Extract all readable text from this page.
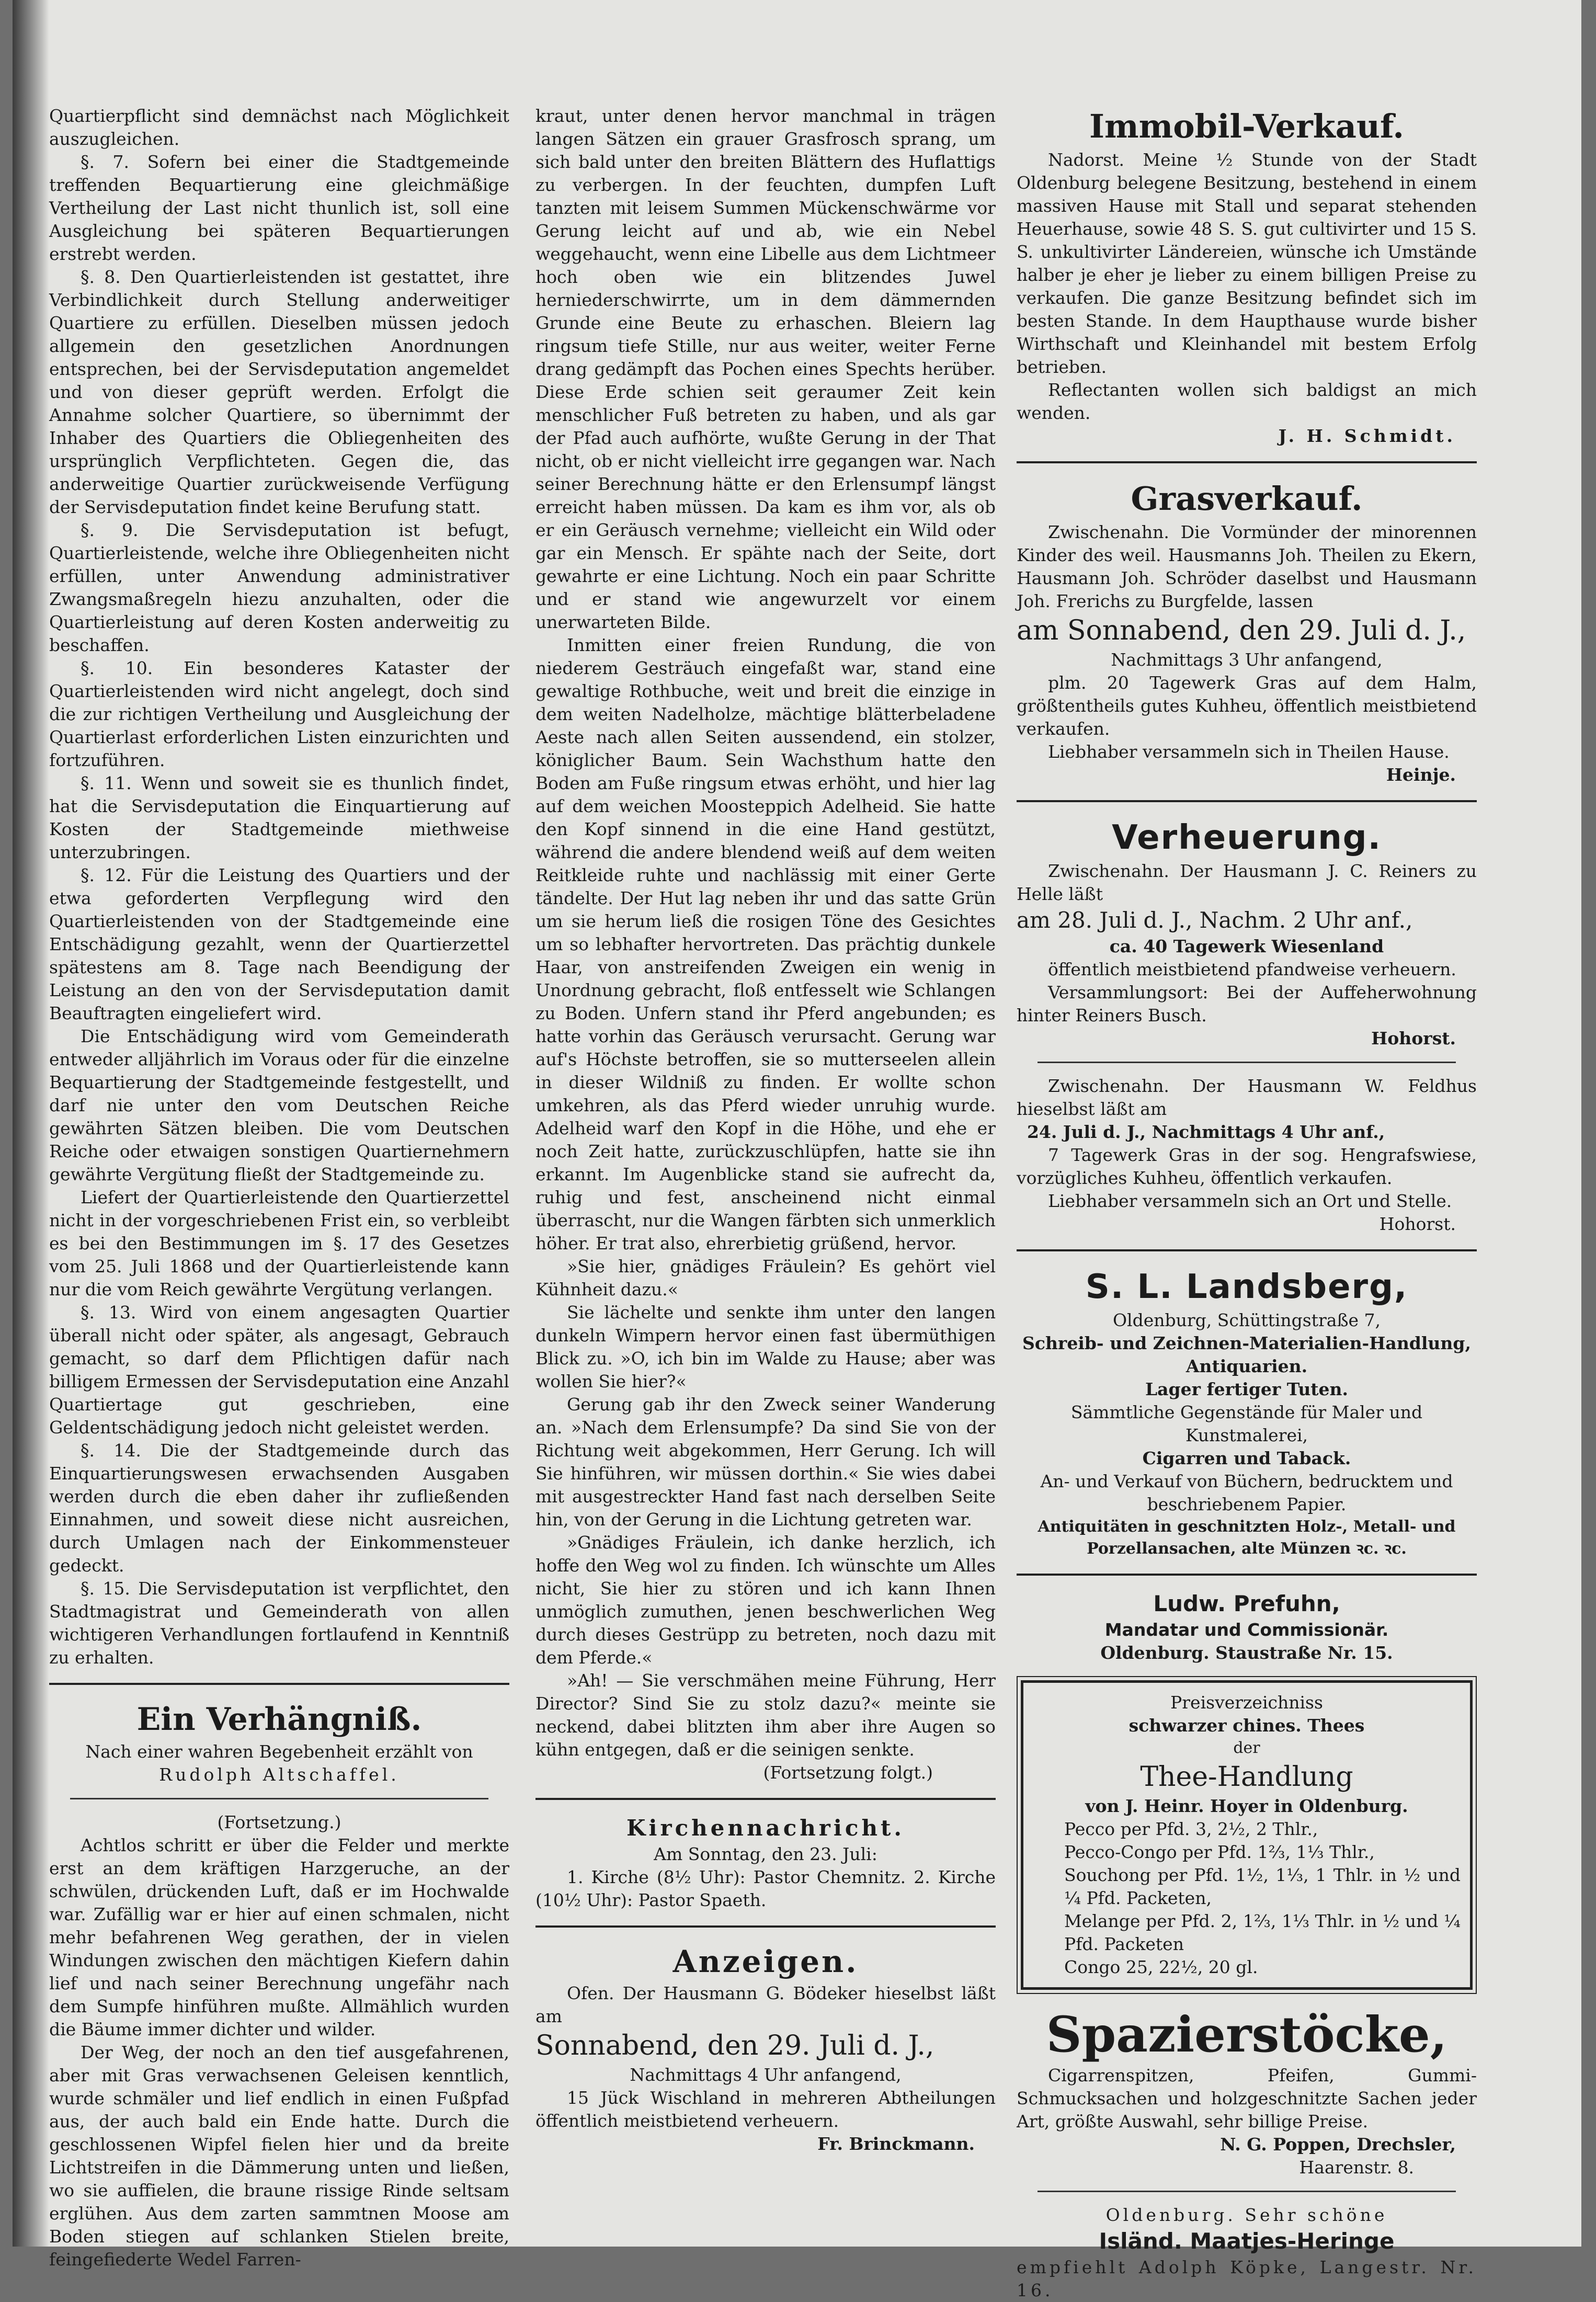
Quartierpflicht sind demnächst nach Möglichkeit auszugleichen.

§. 7. Sofern bei einer die Stadtgemeinde treffenden Bequartierung eine gleichmäßige Vertheilung der Last nicht thunlich ist, soll eine Ausgleichung bei späteren Bequartierungen erstrebt werden.

§. 8. Den Quartierleistenden ist gestattet, ihre Verbindlichkeit durch Stellung anderweitiger Quartiere zu erfüllen. Dieselben müssen jedoch allgemein den gesetzlichen Anordnungen entsprechen, bei der Servisdeputation angemeldet und von dieser geprüft werden. Erfolgt die Annahme solcher Quartiere, so übernimmt der Inhaber des Quartiers die Obliegenheiten des ursprünglich Verpflichteten. Gegen die, das anderweitige Quartier zurückweisende Verfügung der Servisdeputation findet keine Berufung statt.

§. 9. Die Servisdeputation ist befugt, Quartierleistende, welche ihre Obliegenheiten nicht erfüllen, unter Anwendung administrativer Zwangsmaßregeln hiezu anzuhalten, oder die Quartierleistung auf deren Kosten anderweitig zu beschaffen.

§. 10. Ein besonderes Kataster der Quartierleistenden wird nicht angelegt, doch sind die zur richtigen Vertheilung und Ausgleichung der Quartierlast erforderlichen Listen einzurichten und fortzuführen.

§. 11. Wenn und soweit sie es thunlich findet, hat die Servisdeputation die Einquartierung auf Kosten der Stadtgemeinde miethweise unterzubringen.

§. 12. Für die Leistung des Quartiers und der etwa geforderten Verpflegung wird den Quartierleistenden von der Stadtgemeinde eine Entschädigung gezahlt, wenn der Quartierzettel spätestens am 8. Tage nach Beendigung der Leistung an den von der Servisdeputation damit Beauftragten eingeliefert wird.

Die Entschädigung wird vom Gemeinderath entweder alljährlich im Voraus oder für die einzelne Bequartierung der Stadtgemeinde festgestellt, und darf nie unter den vom Deutschen Reiche gewährten Sätzen bleiben. Die vom Deutschen Reiche oder etwaigen sonstigen Quartiernehmern gewährte Vergütung fließt der Stadtgemeinde zu.

Liefert der Quartierleistende den Quartierzettel nicht in der vorgeschriebenen Frist ein, so verbleibt es bei den Bestimmungen im §. 17 des Gesetzes vom 25. Juli 1868 und der Quartierleistende kann nur die vom Reich gewährte Vergütung verlangen.

§. 13. Wird von einem angesagten Quartier überall nicht oder später, als angesagt, Gebrauch gemacht, so darf dem Pflichtigen dafür nach billigem Ermessen der Servisdeputation eine Anzahl Quartiertage gut geschrieben, eine Geldentschädigung jedoch nicht geleistet werden.

§. 14. Die der Stadtgemeinde durch das Einquartierungswesen erwachsenden Ausgaben werden durch die eben daher ihr zufließenden Einnahmen, und soweit diese nicht ausreichen, durch Umlagen nach der Einkommensteuer gedeckt.

§. 15. Die Servisdeputation ist verpflichtet, den Stadtmagistrat und Gemeinderath von allen wichtigeren Verhandlungen fortlaufend in Kenntniß zu erhalten.

Ein Verhängniß.

Nach einer wahren Begebenheit erzählt von

Rudolph Altschaffel.

(Fortsetzung.)

Achtlos schritt er über die Felder und merkte erst an dem kräftigen Harzgeruche, an der schwülen, drückenden Luft, daß er im Hochwalde war. Zufällig war er hier auf einen schmalen, nicht mehr befahrenen Weg gerathen, der in vielen Windungen zwischen den mächtigen Kiefern dahin lief und nach seiner Berechnung ungefähr nach dem Sumpfe hinführen mußte. Allmählich wurden die Bäume immer dichter und wilder.

Der Weg, der noch an den tief ausgefahrenen, aber mit Gras verwachsenen Geleisen kenntlich, wurde schmäler und lief endlich in einen Fußpfad aus, der auch bald ein Ende hatte. Durch die geschlossenen Wipfel fielen hier und da breite Lichtstreifen in die Dämmerung unten und ließen, wo sie auffielen, die braune rissige Rinde seltsam erglühen. Aus dem zarten sammtnen Moose am Boden stiegen auf schlanken Stielen breite, feingefiederte Wedel Farren-

kraut, unter denen hervor manchmal in trägen langen Sätzen ein grauer Grasfrosch sprang, um sich bald unter den breiten Blättern des Huflattigs zu verbergen. In der feuchten, dumpfen Luft tanzten mit leisem Summen Mückenschwärme vor Gerung leicht auf und ab, wie ein Nebel weggehaucht, wenn eine Libelle aus dem Lichtmeer hoch oben wie ein blitzendes Juwel herniederschwirrte, um in dem dämmernden Grunde eine Beute zu erhaschen. Bleiern lag ringsum tiefe Stille, nur aus weiter, weiter Ferne drang gedämpft das Pochen eines Spechts herüber. Diese Erde schien seit geraumer Zeit kein menschlicher Fuß betreten zu haben, und als gar der Pfad auch aufhörte, wußte Gerung in der That nicht, ob er nicht vielleicht irre gegangen war. Nach seiner Berechnung hätte er den Erlensumpf längst erreicht haben müssen. Da kam es ihm vor, als ob er ein Geräusch vernehme; vielleicht ein Wild oder gar ein Mensch. Er spähte nach der Seite, dort gewahrte er eine Lichtung. Noch ein paar Schritte und er stand wie angewurzelt vor einem unerwarteten Bilde.

Inmitten einer freien Rundung, die von niederem Gesträuch eingefaßt war, stand eine gewaltige Rothbuche, weit und breit die einzige in dem weiten Nadelholze, mächtige blätterbeladene Aeste nach allen Seiten aussendend, ein stolzer, königlicher Baum. Sein Wachsthum hatte den Boden am Fuße ringsum etwas erhöht, und hier lag auf dem weichen Moosteppich Adelheid. Sie hatte den Kopf sinnend in die eine Hand gestützt, während die andere blendend weiß auf dem weiten Reitkleide ruhte und nachlässig mit einer Gerte tändelte. Der Hut lag neben ihr und das satte Grün um sie herum ließ die rosigen Töne des Gesichtes um so lebhafter hervortreten. Das prächtig dunkele Haar, von anstreifenden Zweigen ein wenig in Unordnung gebracht, floß entfesselt wie Schlangen zu Boden. Unfern stand ihr Pferd angebunden; es hatte vorhin das Geräusch verursacht. Gerung war auf's Höchste betroffen, sie so mutterseelen allein in dieser Wildniß zu finden. Er wollte schon umkehren, als das Pferd wieder unruhig wurde. Adelheid warf den Kopf in die Höhe, und ehe er noch Zeit hatte, zurückzuschlüpfen, hatte sie ihn erkannt. Im Augenblicke stand sie aufrecht da, ruhig und fest, anscheinend nicht einmal überrascht, nur die Wangen färbten sich unmerklich höher. Er trat also, ehrerbietig grüßend, hervor.

»Sie hier, gnädiges Fräulein? Es gehört viel Kühnheit dazu.«

Sie lächelte und senkte ihm unter den langen dunkeln Wimpern hervor einen fast übermüthigen Blick zu. »O, ich bin im Walde zu Hause; aber was wollen Sie hier?«

Gerung gab ihr den Zweck seiner Wanderung an. »Nach dem Erlensumpfe? Da sind Sie von der Richtung weit abgekommen, Herr Gerung. Ich will Sie hinführen, wir müssen dorthin.« Sie wies dabei mit ausgestreckter Hand fast nach derselben Seite hin, von der Gerung in die Lichtung getreten war.

»Gnädiges Fräulein, ich danke herzlich, ich hoffe den Weg wol zu finden. Ich wünschte um Alles nicht, Sie hier zu stören und ich kann Ihnen unmöglich zumuthen, jenen beschwerlichen Weg durch dieses Gestrüpp zu betreten, noch dazu mit dem Pferde.«

»Ah! — Sie verschmähen meine Führung, Herr Director? Sind Sie zu stolz dazu?« meinte sie neckend, dabei blitzten ihm aber ihre Augen so kühn entgegen, daß er die seinigen senkte.

(Fortsetzung folgt.)

Kirchennachricht.

Am Sonntag, den 23. Juli:

1. Kirche (8½ Uhr): Pastor Chemnitz. 2. Kirche (10½ Uhr): Pastor Spaeth.

Anzeigen.

Ofen. Der Hausmann G. Bödeker hieselbst läßt am

Sonnabend, den 29. Juli d. J.,

Nachmittags 4 Uhr anfangend,

15 Jück Wischland in mehreren Abtheilungen öffentlich meistbietend verheuern.

Fr. Brinckmann.

Immobil-Verkauf.

Nadorst. Meine ½ Stunde von der Stadt Oldenburg belegene Besitzung, bestehend in einem massiven Hause mit Stall und separat stehenden Heuerhause, sowie 48 S. S. gut cultivirter und 15 S. S. unkultivirter Ländereien, wünsche ich Umstände halber je eher je lieber zu einem billigen Preise zu verkaufen. Die ganze Besitzung befindet sich im besten Stande. In dem Haupthause wurde bisher Wirthschaft und Kleinhandel mit bestem Erfolg betrieben.

Reflectanten wollen sich baldigst an mich wenden.

J. H. Schmidt.

Grasverkauf.

Zwischenahn. Die Vormünder der minorennen Kinder des weil. Hausmanns Joh. Theilen zu Ekern, Hausmann Joh. Schröder daselbst und Hausmann Joh. Frerichs zu Burgfelde, lassen

am Sonnabend, den 29. Juli d. J.,

Nachmittags 3 Uhr anfangend,

plm. 20 Tagewerk Gras auf dem Halm, größtentheils gutes Kuhheu, öffentlich meistbietend verkaufen.

Liebhaber versammeln sich in Theilen Hause.

Heinje.

Verheuerung.

Zwischenahn. Der Hausmann J. C. Reiners zu Helle läßt

am 28. Juli d. J., Nachm. 2 Uhr anf.,

ca. 40 Tagewerk Wiesenland

öffentlich meistbietend pfandweise verheuern.

Versammlungsort: Bei der Auffeherwohnung hinter Reiners Busch.

Hohorst.

Zwischenahn. Der Hausmann W. Feldhus hieselbst läßt am

24. Juli d. J., Nachmittags 4 Uhr anf.,

7 Tagewerk Gras in der sog. Hengrafswiese, vorzügliches Kuhheu, öffentlich verkaufen.

Liebhaber versammeln sich an Ort und Stelle.

Hohorst.

S. L. Landsberg,

Oldenburg, Schüttingstraße 7,

Schreib- und Zeichnen-Materialien-Handlung,

Antiquarien.

Lager fertiger Tuten.

Sämmtliche Gegenstände für Maler und Kunstmalerei,

Cigarren und Taback.

An- und Verkauf von Büchern, bedrucktem und beschriebenem Papier.

Antiquitäten in geschnitzten Holz-, Metall- und Porzellansachen, alte Münzen ꝛc. ꝛc.

Ludw. Prefuhn,

Mandatar und Commissionär.

Oldenburg. Staustraße Nr. 15.

Preisverzeichniss

schwarzer chines. Thees

der

Thee-Handlung

von J. Heinr. Hoyer in Oldenburg.

Pecco per Pfd. 3, 2½, 2 Thlr.,

Pecco-Congo per Pfd. 1⅔, 1⅓ Thlr.,

Souchong per Pfd. 1½, 1⅓, 1 Thlr. in ½ und ¼ Pfd. Packeten,

Melange per Pfd. 2, 1⅔, 1⅓ Thlr. in ½ und ¼ Pfd. Packeten

Congo 25, 22½, 20 gl.

Spazierstöcke,

Cigarrenspitzen, Pfeifen, Gummi-Schmucksachen und holzgeschnitzte Sachen jeder Art, größte Auswahl, sehr billige Preise.

N. G. Poppen, Drechsler,

Haarenstr. 8.

Oldenburg. Sehr schöne

Isländ. Maatjes-Heringe

empfiehlt Adolph Köpke, Langestr. Nr. 16.
